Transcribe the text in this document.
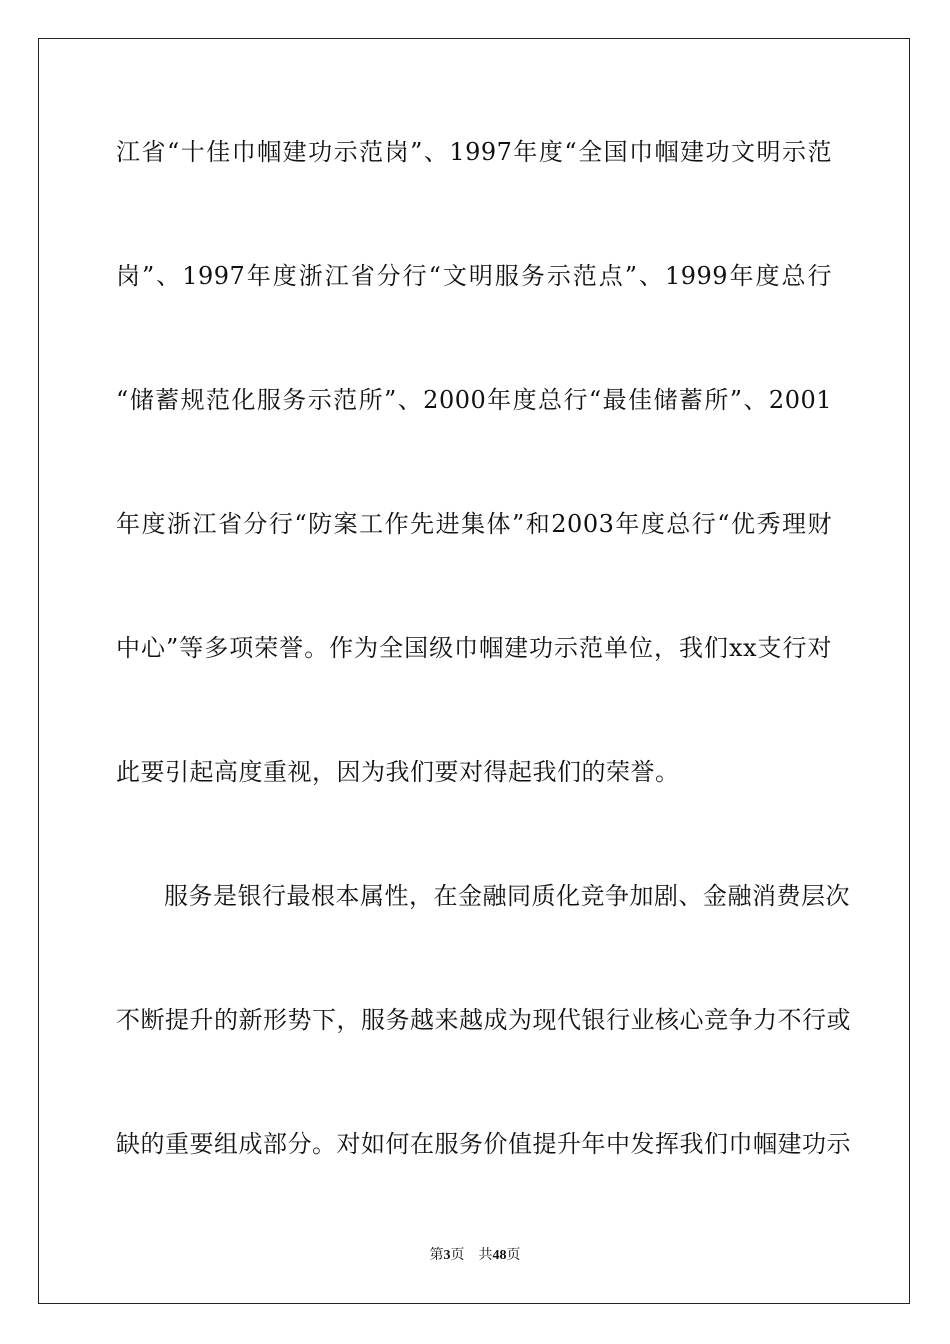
江省“十佳巾帼建功示范岗”、1997年度“全国巾帼建功文明示范
岗”、1997年度浙江省分行“文明服务示范点”、1999年度总行
“储蓄规范化服务示范所”、2000年度总行“最佳储蓄所”、2001
年度浙江省分行“防案工作先进集体”和2003年度总行“优秀理财
中心”等多项荣誉。作为全国级巾帼建功示范单位，我们xx支行对
此要引起高度重视，因为我们要对得起我们的荣誉。
服务是银行最根本属性，在金融同质化竞争加剧、金融消费层次
不断提升的新形势下，服务越来越成为现代银行业核心竞争力不行或
缺的重要组成部分。对如何在服务价值提升年中发挥我们巾帼建功示
第3页 共48页
